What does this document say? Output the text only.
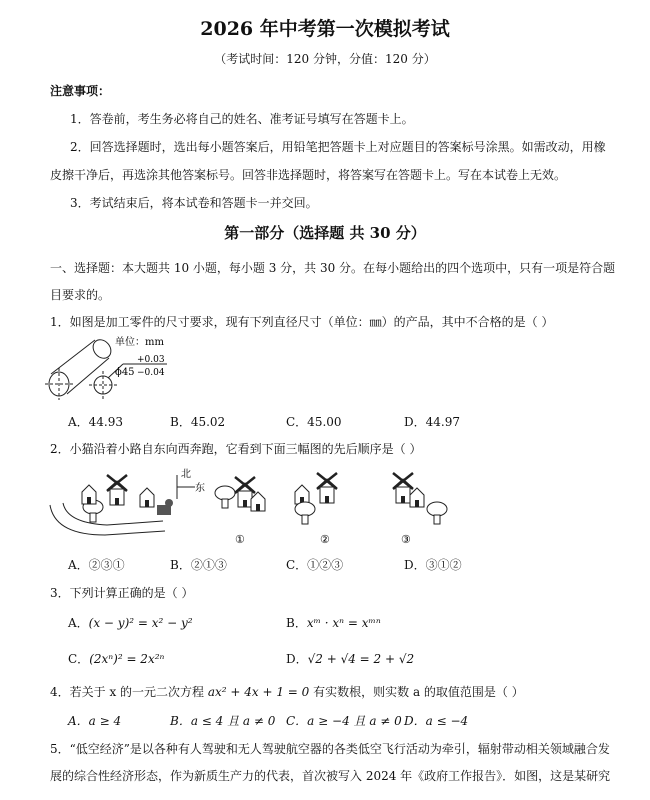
2026 年中考第一次模拟考试
（考试时间：120 分钟，分值：120 分）
注意事项：
1．答卷前，考生务必将自己的姓名、准考证号填写在答题卡上。
2．回答选择题时，选出每小题答案后，用铅笔把答题卡上对应题目的答案标号涂黑。如需改动，用橡
皮擦干净后，再选涂其他答案标号。回答非选择题时，将答案写在答题卡上。写在本试卷上无效。
3．考试结束后，将本试卷和答题卡一并交回。
第一部分（选择题 共 30 分）
一、选择题：本大题共 10 小题，每小题 3 分，共 30 分。在每小题给出的四个选项中，只有一项是符合题
目要求的。
1．如图是加工零件的尺寸要求，现有下列直径尺寸（单位：㎜）的产品，其中不合格的是（ ）
单位：mm
ϕ45
+0.03
−0.04
A．44.93	B．45.02	C．45.00	D．44.97
2．小猫沿着小路自东向西奔跑，它看到下面三幅图的先后顺序是（ ）
北
东
①	②	③
A．②③①	B．②①③	C．①②③	D．③①②
3．下列计算正确的是（ ）
A．(x − y)² = x² − y²	B．xᵐ · xⁿ = xᵐⁿ
C．(2xⁿ)² = 2x²ⁿ	D．√2 + √4 = 2 + √2
4．若关于 x 的一元二次方程 ax² + 4x + 1 = 0 有实数根，则实数 a 的取值范围是（ ）
A．a ≥ 4	B．a ≤ 4 且 a ≠ 0 C．a ≥ −4 且 a ≠ 0 D．a ≤ −4
5．“低空经济”是以各种有人驾驶和无人驾驶航空器的各类低空飞行活动为牵引，辐射带动相关领域融合发
展的综合性经济形态，作为新质生产力的代表，首次被写入 2024 年《政府工作报告》．如图，这是某研究
